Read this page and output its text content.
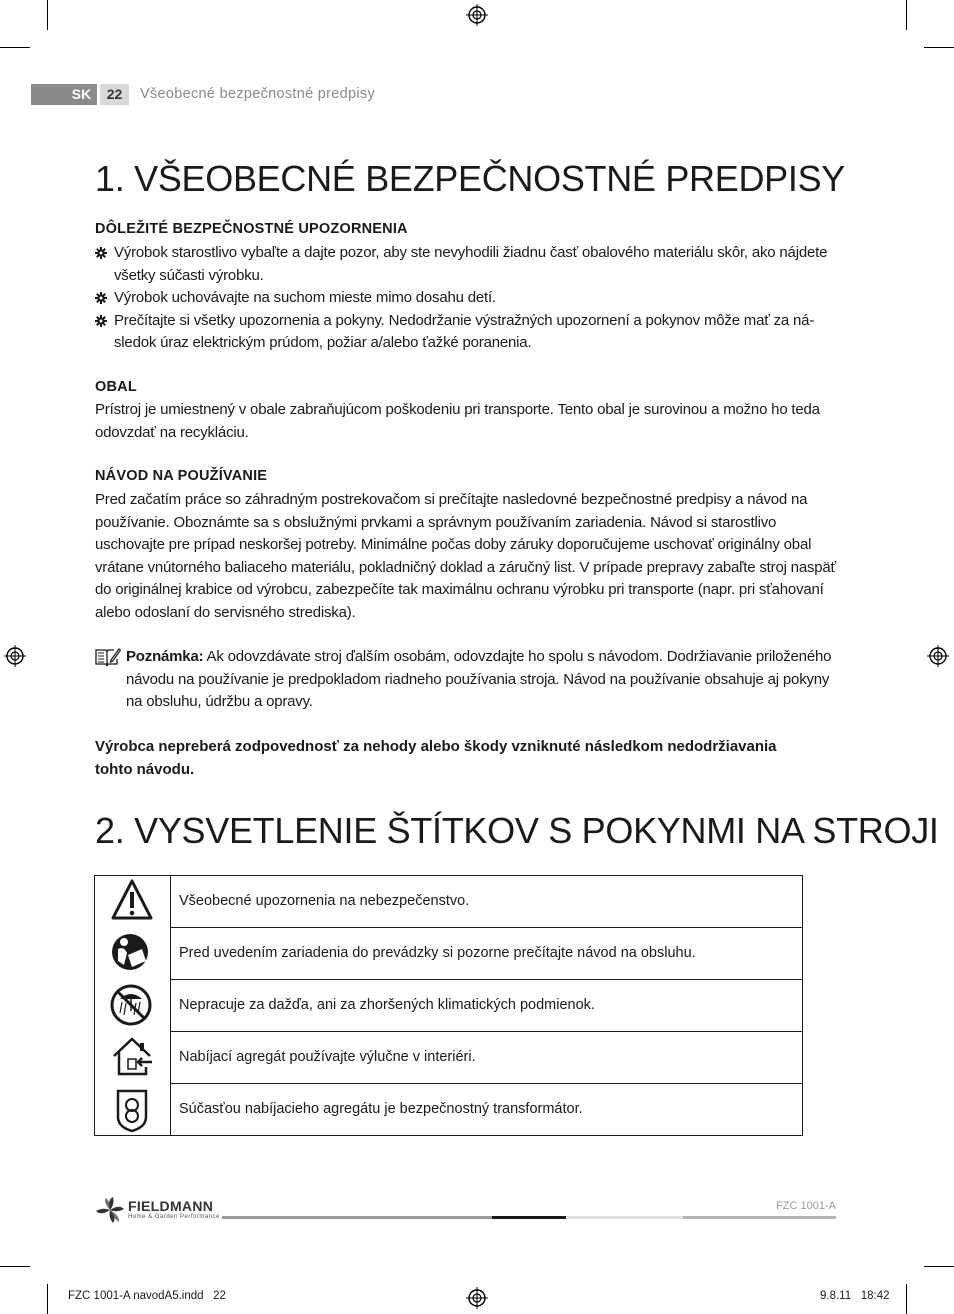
SK	22	Všeobecné bezpečnostné predpisy
1. VŠEOBECNÉ BEZPEČNOSTNÉ PREDPISY
DÔLEŽITÉ BEZPEČNOSTNÉ UPOZORNENIA
Výrobok starostlivo vybaľte a dajte pozor, aby ste nevyhodili žiadnu časť obalového materiálu skôr, ako nájdete všetky súčasti výrobku.
Výrobok uchovávajte na suchom mieste mimo dosahu detí.
Prečítajte si všetky upozornenia a pokyny. Nedodržanie výstražných upozornení a pokynov môže mať za následok úraz elektrickým prúdom, požiar a/alebo ťažké poranenia.
OBAL
Prístroj je umiestnený v obale zabraňujúcom poškodeniu pri transporte. Tento obal je surovinou a možno ho teda odovzdať na recykláciu.
NÁVOD NA POUŽÍVANIE
Pred začatím práce so záhradným postrekovačom si prečítajte nasledovné bezpečnostné predpisy a návod na používanie. Oboznámte sa s obslužnými prvkami a správnym používaním zariadenia. Návod si starostlivo uschovajte pre prípad neskoršej potreby. Minimálne počas doby záruky doporučujeme uschovať originálny obal vrátane vnútorného baliaceho materiálu, pokladničný doklad a záručný list. V prípade prepravy zabaľte stroj naspäť do originálnej krabice od výrobcu, zabezpečíte tak maximálnu ochranu výrobku pri transporte (napr. pri sťahovaní alebo odoslaní do servisného strediska).
Poznámka: Ak odovzdávate stroj ďalším osobám, odovzdajte ho spolu s návodom. Dodržiavanie priloženého návodu na používanie je predpokladom riadneho používania stroja. Návod na používanie obsahuje aj pokyny na obsluhu, údržbu a opravy.
Výrobca nepreberá zodpovednosť za nehody alebo škody vzniknuté následkom nedodržiavania tohto návodu.
2. VYSVETLENIE ŠTÍTKOV S POKYNMI NA STROJI
Všeobecné upozornenia na nebezpečenstvo.
Pred uvedením zariadenia do prevádzky si pozorne prečítajte návod na obsluhu.
Nepracuje za dažďa, ani za zhoršených klimatických podmienok.
Nabíjací agregát používajte výlučne v interiéri.
Súčasťou nabíjacieho agregátu je bezpečnostný transformátor.
FIELDMANN
Home & Garden Performance
FZC 1001-A
FZC 1001-A navodA5.indd   22	9.8.11   18:42
